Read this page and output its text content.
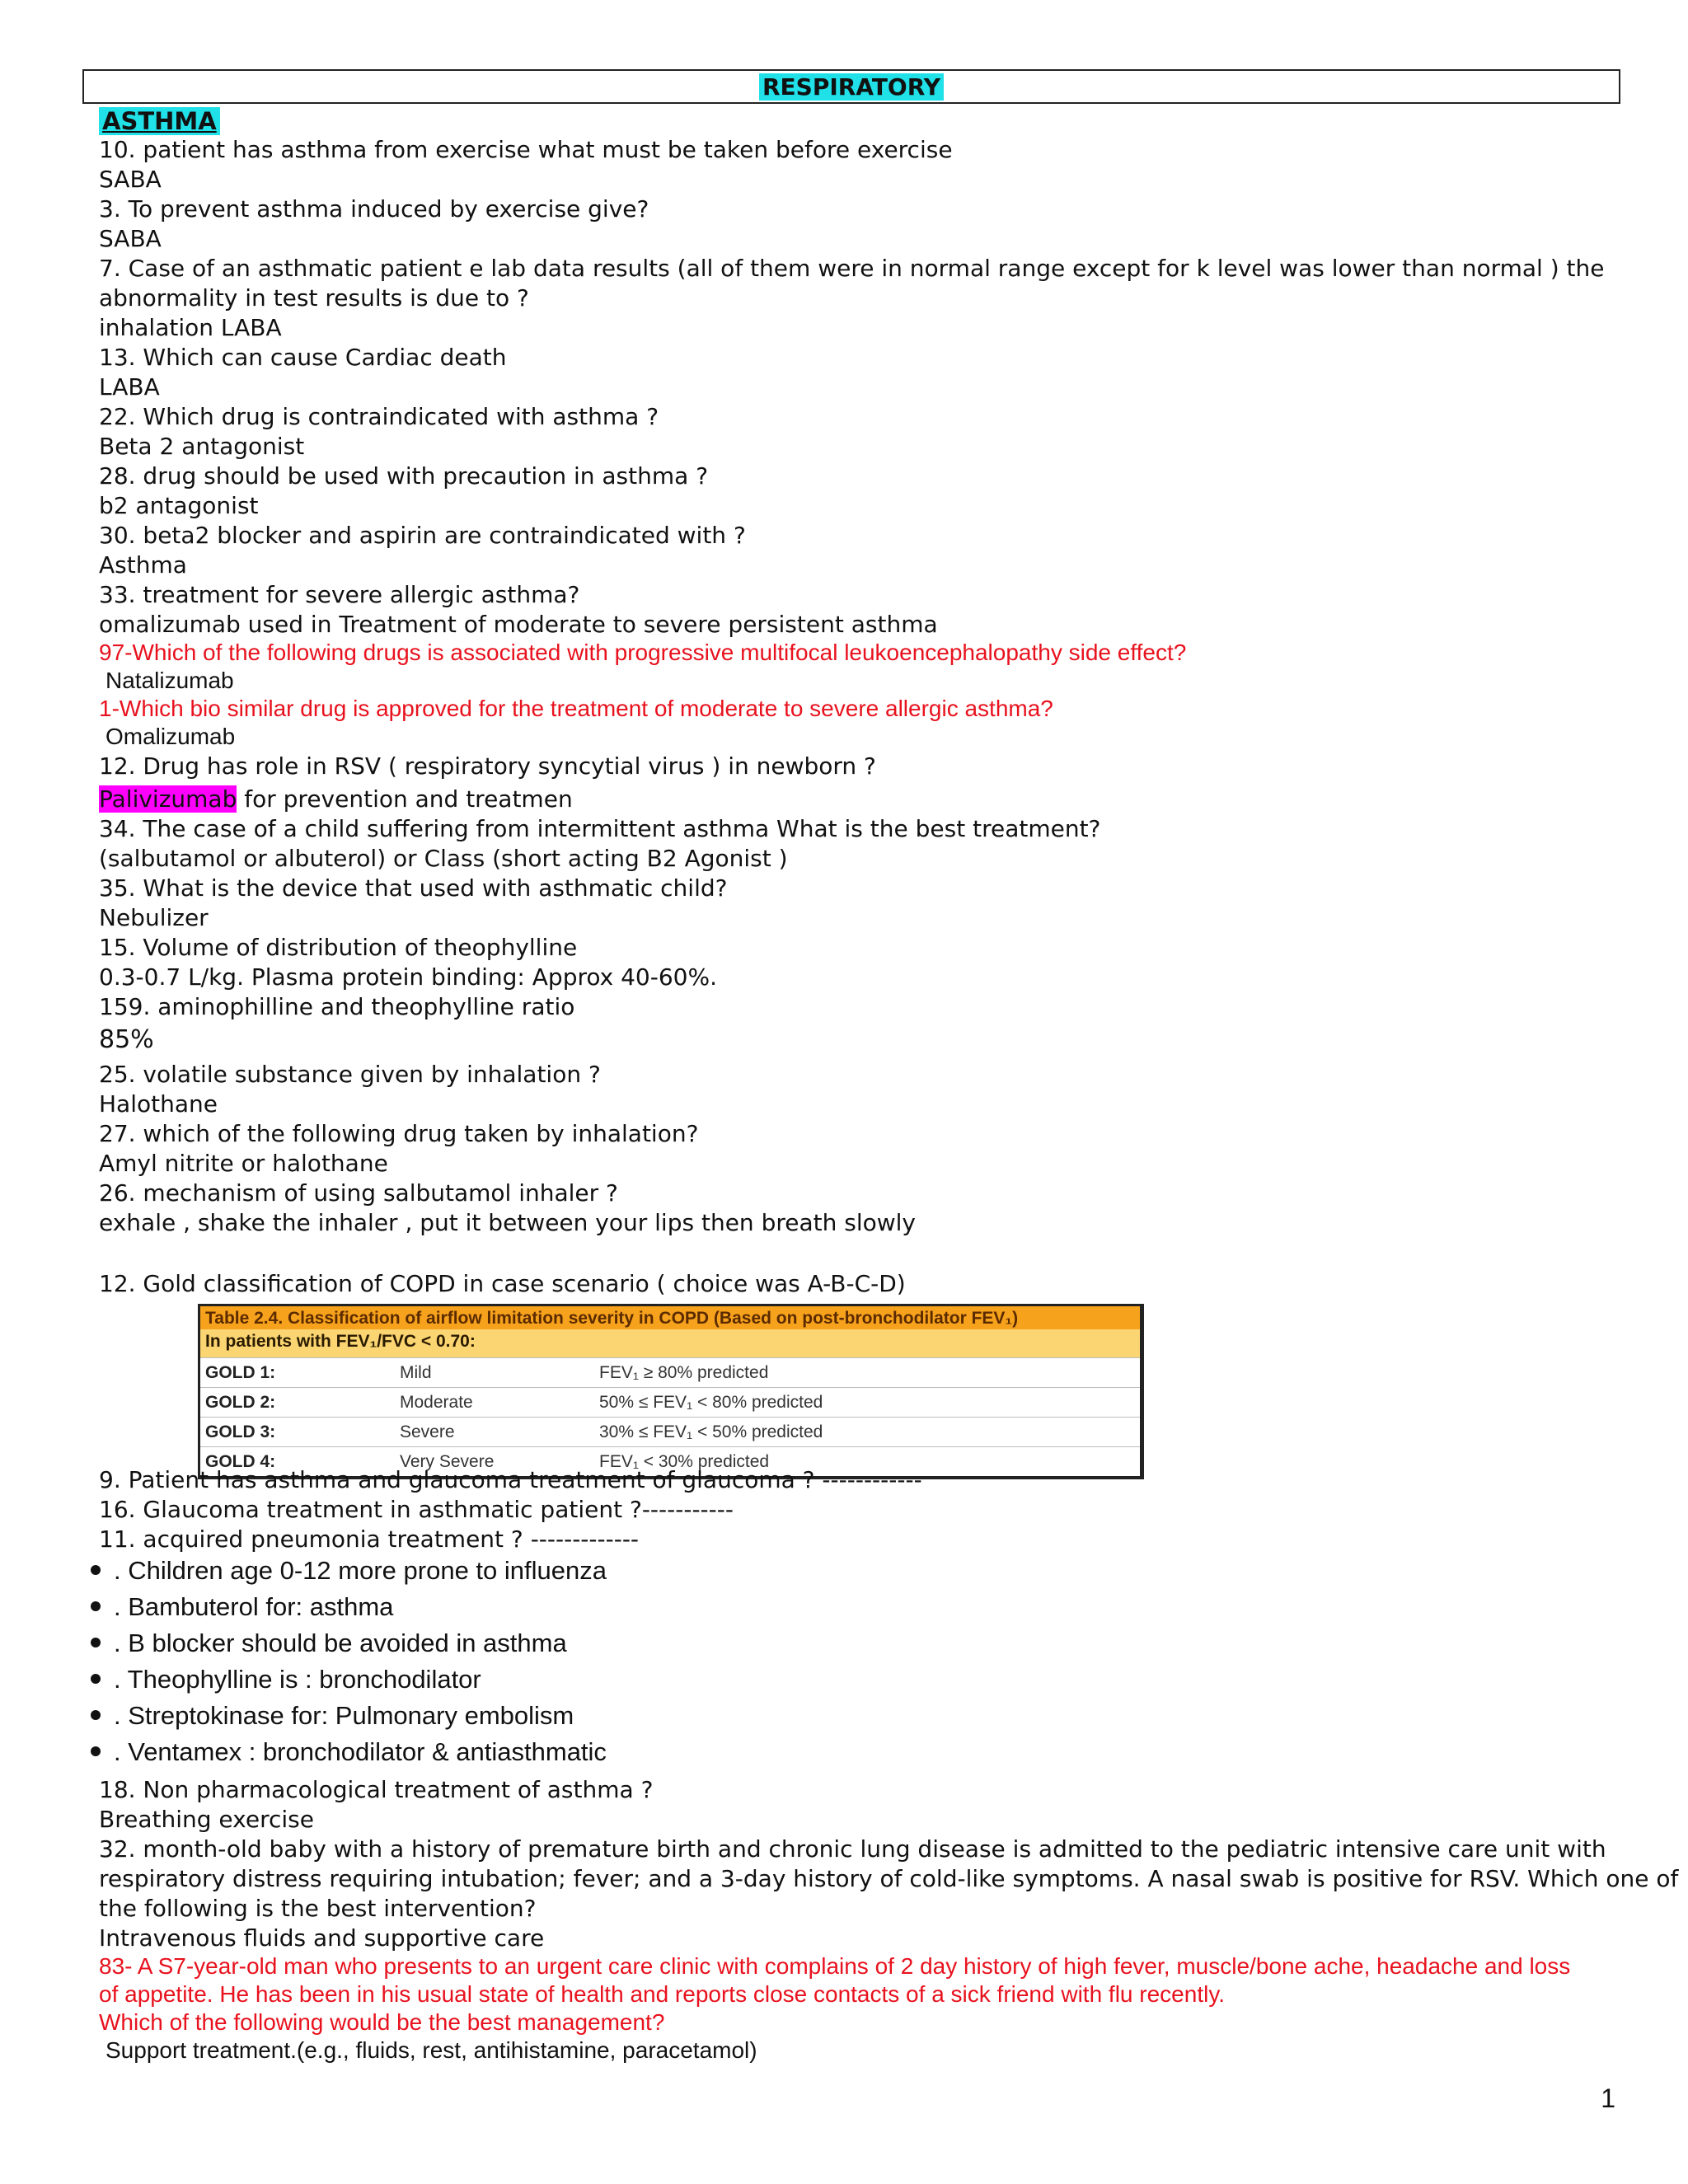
RESPIRATORY
ASTHMA
10. patient has asthma from exercise what must be taken before exercise
SABA
3. To prevent asthma induced by exercise give?
SABA
7. Case of an asthmatic patient e lab data results (all of them were in normal range except for k level was lower than normal ) the
abnormality in test results is due to ?
inhalation LABA
13. Which can cause Cardiac death
LABA
22. Which drug is contraindicated with asthma ?
Beta 2 antagonist
28. drug should be used with precaution in asthma ?
b2 antagonist
30. beta2 blocker and aspirin are contraindicated with ?
Asthma
33. treatment for severe allergic asthma?
omalizumab used in Treatment of moderate to severe persistent asthma
97-Which of the following drugs is associated with progressive multifocal leukoencephalopathy side effect?
Natalizumab
1-Which bio similar drug is approved for the treatment of moderate to severe allergic asthma?
Omalizumab
12. Drug has role in RSV ( respiratory syncytial virus ) in newborn ?
Palivizumab for prevention and treatmen
34. The case of a child suffering from intermittent asthma What is the best treatment?
(salbutamol or albuterol) or Class (short acting B2 Agonist )
35. What is the device that used with asthmatic child?
Nebulizer
15. Volume of distribution of theophylline
0.3-0.7 L/kg. Plasma protein binding: Approx 40-60%.
159. aminophilline and theophylline ratio
85%
25. volatile substance given by inhalation ?
Halothane
27. which of the following drug taken by inhalation?
Amyl nitrite or halothane
26. mechanism of using salbutamol inhaler ?
exhale , shake the inhaler , put it between your lips then breath slowly
12. Gold classification of COPD in case scenario ( choice was A-B-C-D)
Table 2.4. Classification of airflow limitation severity in COPD (Based on post-bronchodilator FEV₁)
In patients with FEV₁/FVC < 0.70:
GOLD 1:	Mild	FEV₁ ≥ 80% predicted
GOLD 2:	Moderate	50% ≤ FEV₁ < 80% predicted
GOLD 3:	Severe	30% ≤ FEV₁ < 50% predicted
GOLD 4:	Very Severe	FEV₁ < 30% predicted
9. Patient has asthma and glaucoma treatment of glaucoma ? ------------
16. Glaucoma treatment in asthmatic patient ?-----------
11. acquired pneumonia treatment ? -------------
. Children age 0-12 more prone to influenza
. Bambuterol for: asthma
. B blocker should be avoided in asthma
. Theophylline is : bronchodilator
. Streptokinase for: Pulmonary embolism
. Ventamex : bronchodilator & antiasthmatic
18. Non pharmacological treatment of asthma ?
Breathing exercise
32. month-old baby with a history of premature birth and chronic lung disease is admitted to the pediatric intensive care unit with
respiratory distress requiring intubation; fever; and a 3-day history of cold-like symptoms. A nasal swab is positive for RSV. Which one of
the following is the best intervention?
Intravenous fluids and supportive care
83- A S7-year-old man who presents to an urgent care clinic with complains of 2 day history of high fever, muscle/bone ache, headache and loss
of appetite. He has been in his usual state of health and reports close contacts of a sick friend with flu recently.
Which of the following would be the best management?
Support treatment.(e.g., fluids, rest, antihistamine, paracetamol)
1
